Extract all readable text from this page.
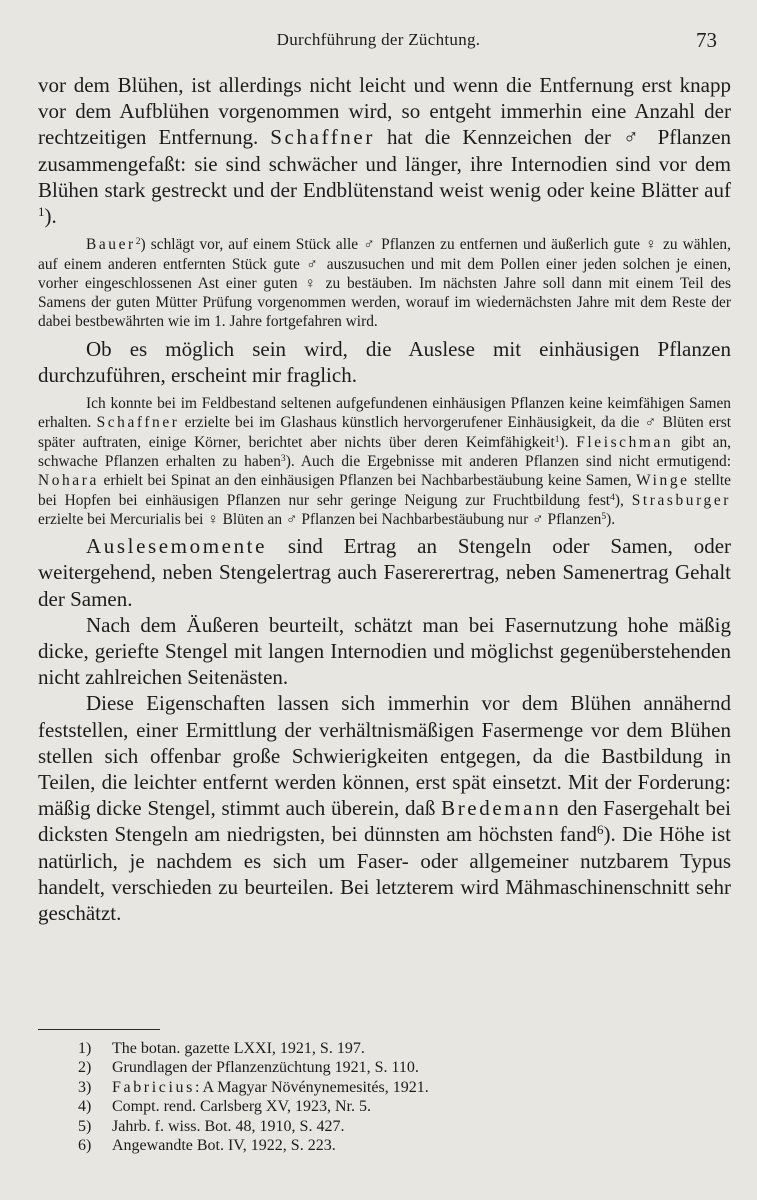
Durchführung der Züchtung.	73

vor dem Blühen, ist allerdings nicht leicht und wenn die Entfernung erst knapp vor dem Aufblühen vorgenommen wird, so entgeht immerhin eine Anzahl der rechtzeitigen Entfernung. Schaffner hat die Kennzeichen der ♂ Pflanzen zusammengefaßt: sie sind schwächer und länger, ihre Internodien sind vor dem Blühen stark gestreckt und der Endblütenstand weist wenig oder keine Blätter auf $^1$).

Bauer$^2$) schlägt vor, auf einem Stück alle ♂ Pflanzen zu entfernen und äußerlich gute ♀ zu wählen, auf einem anderen entfernten Stück gute ♂ auszusuchen und mit dem Pollen einer jeden solchen je einen, vorher eingeschlossenen Ast einer guten ♀ zu bestäuben. Im nächsten Jahre soll dann mit einem Teil des Samens der guten Mütter Prüfung vorgenommen werden, worauf im wiedernächsten Jahre mit dem Reste der dabei bestbewährten wie im 1. Jahre fortgefahren wird.

Ob es möglich sein wird, die Auslese mit einhäusigen Pflanzen durchzuführen, erscheint mir fraglich.

Ich konnte bei im Feldbestand seltenen aufgefundenen einhäusigen Pflanzen keine keimfähigen Samen erhalten. Schaffner erzielte bei im Glashaus künstlich hervorgerufener Einhäusigkeit, da die ♂ Blüten erst später auftraten, einige Körner, berichtet aber nichts über deren Keimfähigkeit$^1$). Fleischman gibt an, schwache Pflanzen erhalten zu haben$^3$). Auch die Ergebnisse mit anderen Pflanzen sind nicht ermutigend: Nohara erhielt bei Spinat an den einhäusigen Pflanzen bei Nachbarbestäubung keine Samen, Winge stellte bei Hopfen bei einhäusigen Pflanzen nur sehr geringe Neigung zur Fruchtbildung fest$^4$), Strasburger erzielte bei Mercurialis bei ♀ Blüten an ♂ Pflanzen bei Nachbarbestäubung nur ♂ Pflanzen$^5$).

Auslesemomente sind Ertrag an Stengeln oder Samen, oder weitergehend, neben Stengelertrag auch Fasererertrag, neben Samenertrag Gehalt der Samen.

Nach dem Äußeren beurteilt, schätzt man bei Fasernutzung hohe mäßig dicke, geriefte Stengel mit langen Internodien und möglichst gegenüberstehenden nicht zahlreichen Seitenästen.

Diese Eigenschaften lassen sich immerhin vor dem Blühen annähernd feststellen, einer Ermittlung der verhältnismäßigen Fasermenge vor dem Blühen stellen sich offenbar große Schwierigkeiten entgegen, da die Bastbildung in Teilen, die leichter entfernt werden können, erst spät einsetzt. Mit der Forderung: mäßig dicke Stengel, stimmt auch überein, daß Bredemann den Fasergehalt bei dicksten Stengeln am niedrigsten, bei dünnsten am höchsten fand$^6$). Die Höhe ist natürlich, je nachdem es sich um Faser- oder allgemeiner nutzbarem Typus handelt, verschieden zu beurteilen. Bei letzterem wird Mähmaschinenschnitt sehr geschätzt.

1) The botan. gazette LXXI, 1921, S. 197.
2) Grundlagen der Pflanzenzüchtung 1921, S. 110.
3) Fabricius: A Magyar Növénynemesités, 1921.
4) Compt. rend. Carlsberg XV, 1923, Nr. 5.
5) Jahrb. f. wiss. Bot. 48, 1910, S. 427.
6) Angewandte Bot. IV, 1922, S. 223.
